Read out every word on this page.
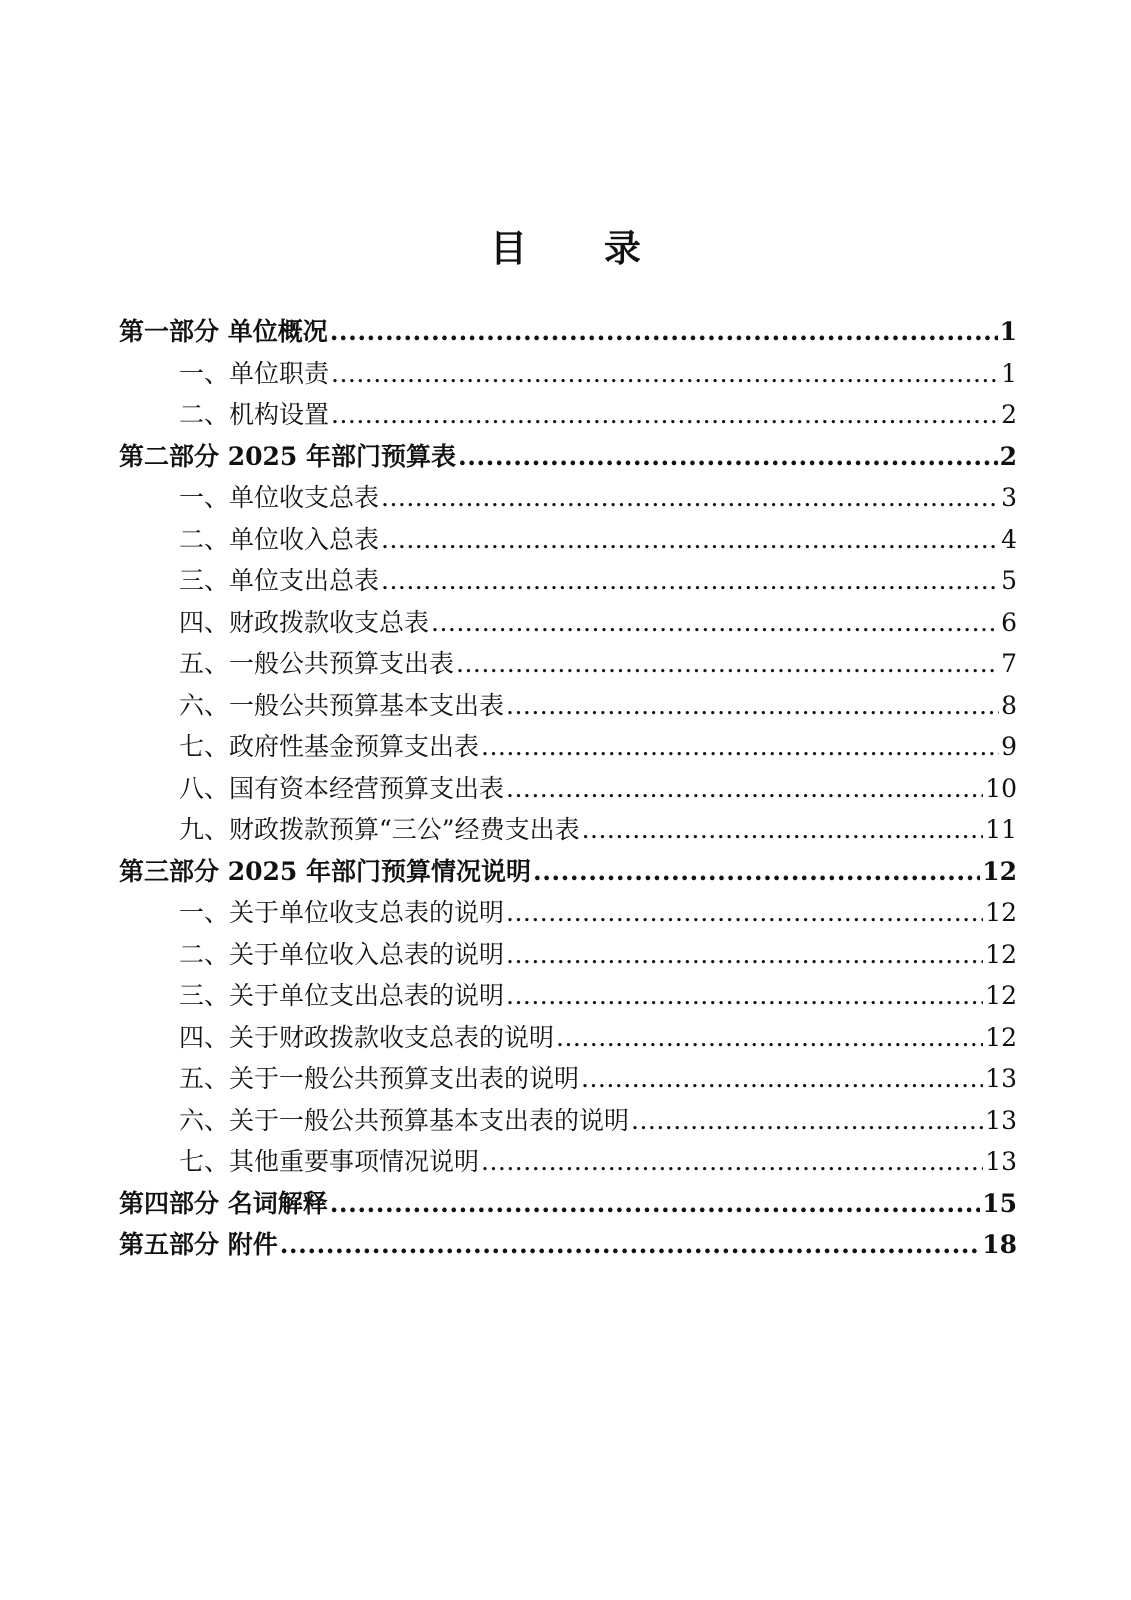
目 录
第一部分 单位概况 .....	1
一、单位职责 .....	1
二、机构设置 .....	2
第二部分 2025 年部门预算表 .....	2
一、单位收支总表 .....	3
二、单位收入总表 .....	4
三、单位支出总表 .....	5
四、财政拨款收支总表 .....	6
五、一般公共预算支出表 .....	7
六、一般公共预算基本支出表 .....	8
七、政府性基金预算支出表 .....	9
八、国有资本经营预算支出表 .....	10
九、财政拨款预算“三公”经费支出表 .....	11
第三部分 2025 年部门预算情况说明 .....	12
一、关于单位收支总表的说明 .....	12
二、关于单位收入总表的说明 .....	12
三、关于单位支出总表的说明 .....	12
四、关于财政拨款收支总表的说明 .....	12
五、关于一般公共预算支出表的说明 .....	13
六、关于一般公共预算基本支出表的说明 .....	13
七、其他重要事项情况说明 .....	13
第四部分 名词解释 .....	15
第五部分 附件 .....	18
